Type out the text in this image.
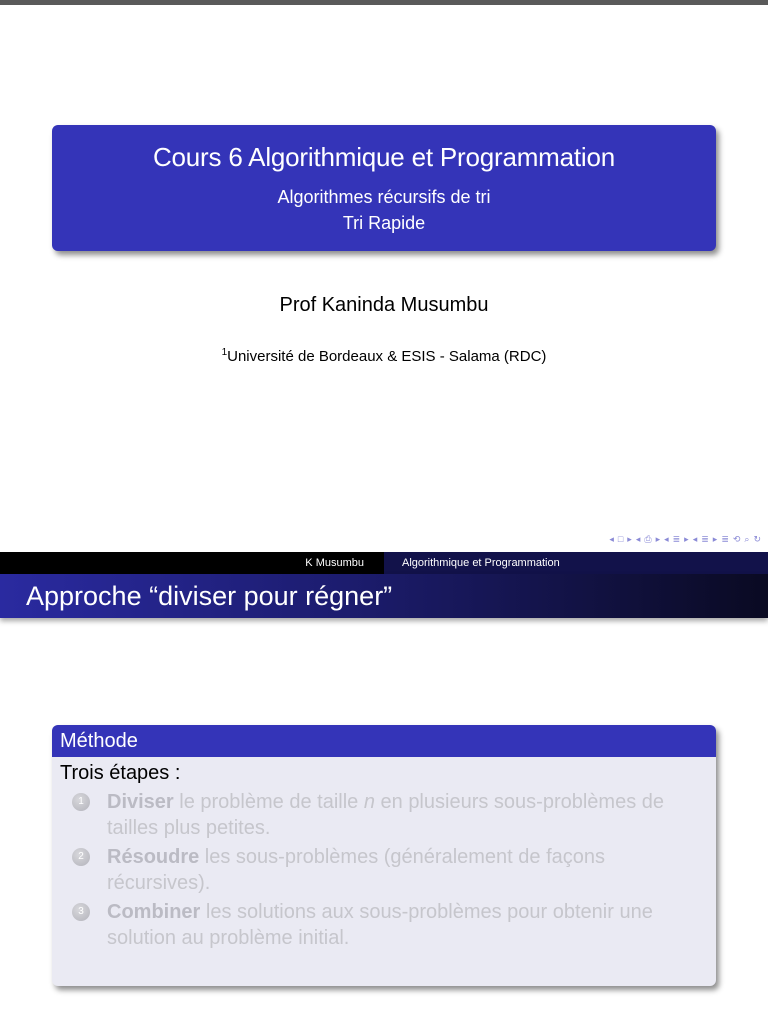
Cours 6 Algorithmique et Programmation
Algorithmes récursifs de tri
Tri Rapide
Prof Kaninda Musumbu
$^1$Université de Bordeaux & ESIS - Salama (RDC)
◂ □ ▸ ◂ ⎙ ▸ ◂ ≣ ▸ ◂ ≣ ▸ ≣ ⟲ ⌕ ↻
K Musumbu	Algorithmique et Programmation
Approche “diviser pour régner”
Méthode
Trois étapes :
1	Diviser le problème de taille n en plusieurs sous-problèmes de tailles plus petites.
2	Résoudre les sous-problèmes (généralement de façons récursives).
3	Combiner les solutions aux sous-problèmes pour obtenir une solution au problème initial.
